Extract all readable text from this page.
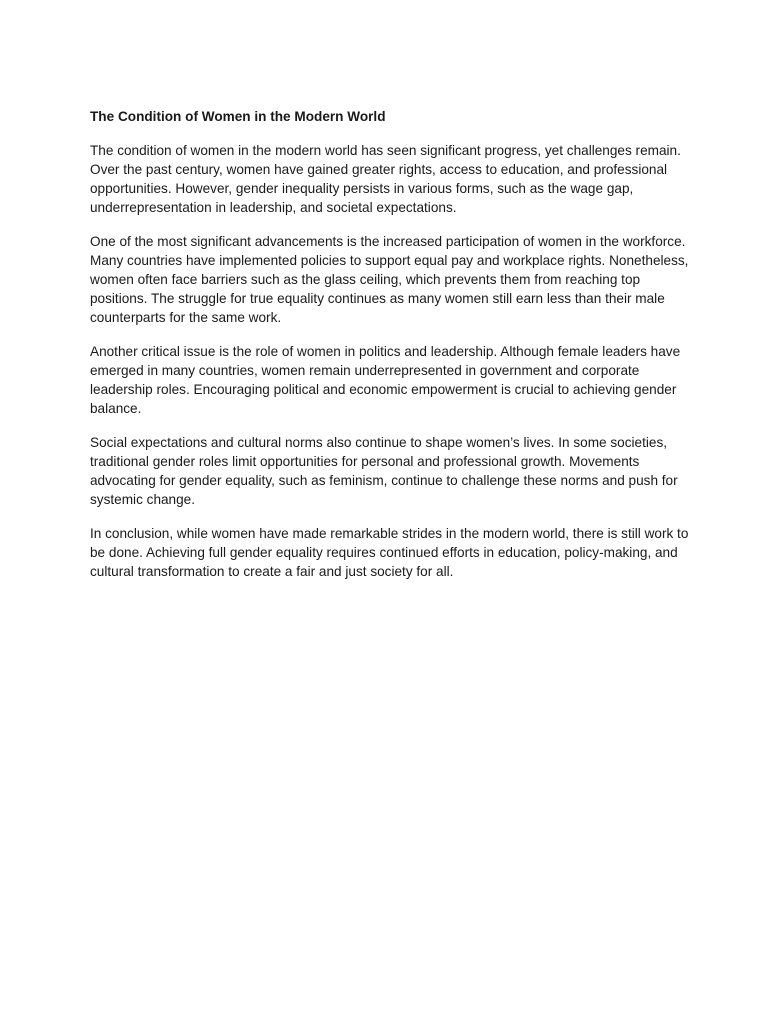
The Condition of Women in the Modern World

The condition of women in the modern world has seen significant progress, yet challenges remain. Over the past century, women have gained greater rights, access to education, and professional opportunities. However, gender inequality persists in various forms, such as the wage gap, underrepresentation in leadership, and societal expectations.

One of the most significant advancements is the increased participation of women in the workforce. Many countries have implemented policies to support equal pay and workplace rights. Nonetheless, women often face barriers such as the glass ceiling, which prevents them from reaching top positions. The struggle for true equality continues as many women still earn less than their male counterparts for the same work.

Another critical issue is the role of women in politics and leadership. Although female leaders have emerged in many countries, women remain underrepresented in government and corporate leadership roles. Encouraging political and economic empowerment is crucial to achieving gender balance.

Social expectations and cultural norms also continue to shape women’s lives. In some societies, traditional gender roles limit opportunities for personal and professional growth. Movements advocating for gender equality, such as feminism, continue to challenge these norms and push for systemic change.

In conclusion, while women have made remarkable strides in the modern world, there is still work to be done. Achieving full gender equality requires continued efforts in education, policy-making, and cultural transformation to create a fair and just society for all.
